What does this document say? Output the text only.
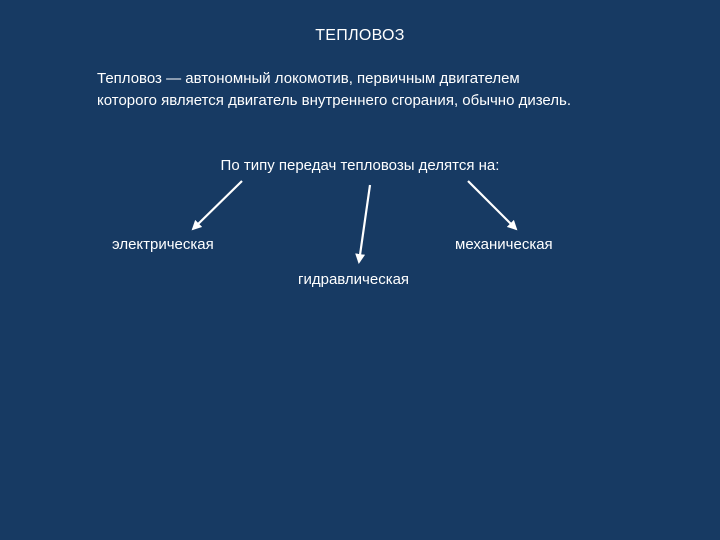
ТЕПЛОВОЗ
Тепловоз — автономный локомотив, первичным двигателем
которого является двигатель внутреннего сгорания, обычно дизель.
По типу передач тепловозы делятся на:
электрическая	механическая
гидравлическая
